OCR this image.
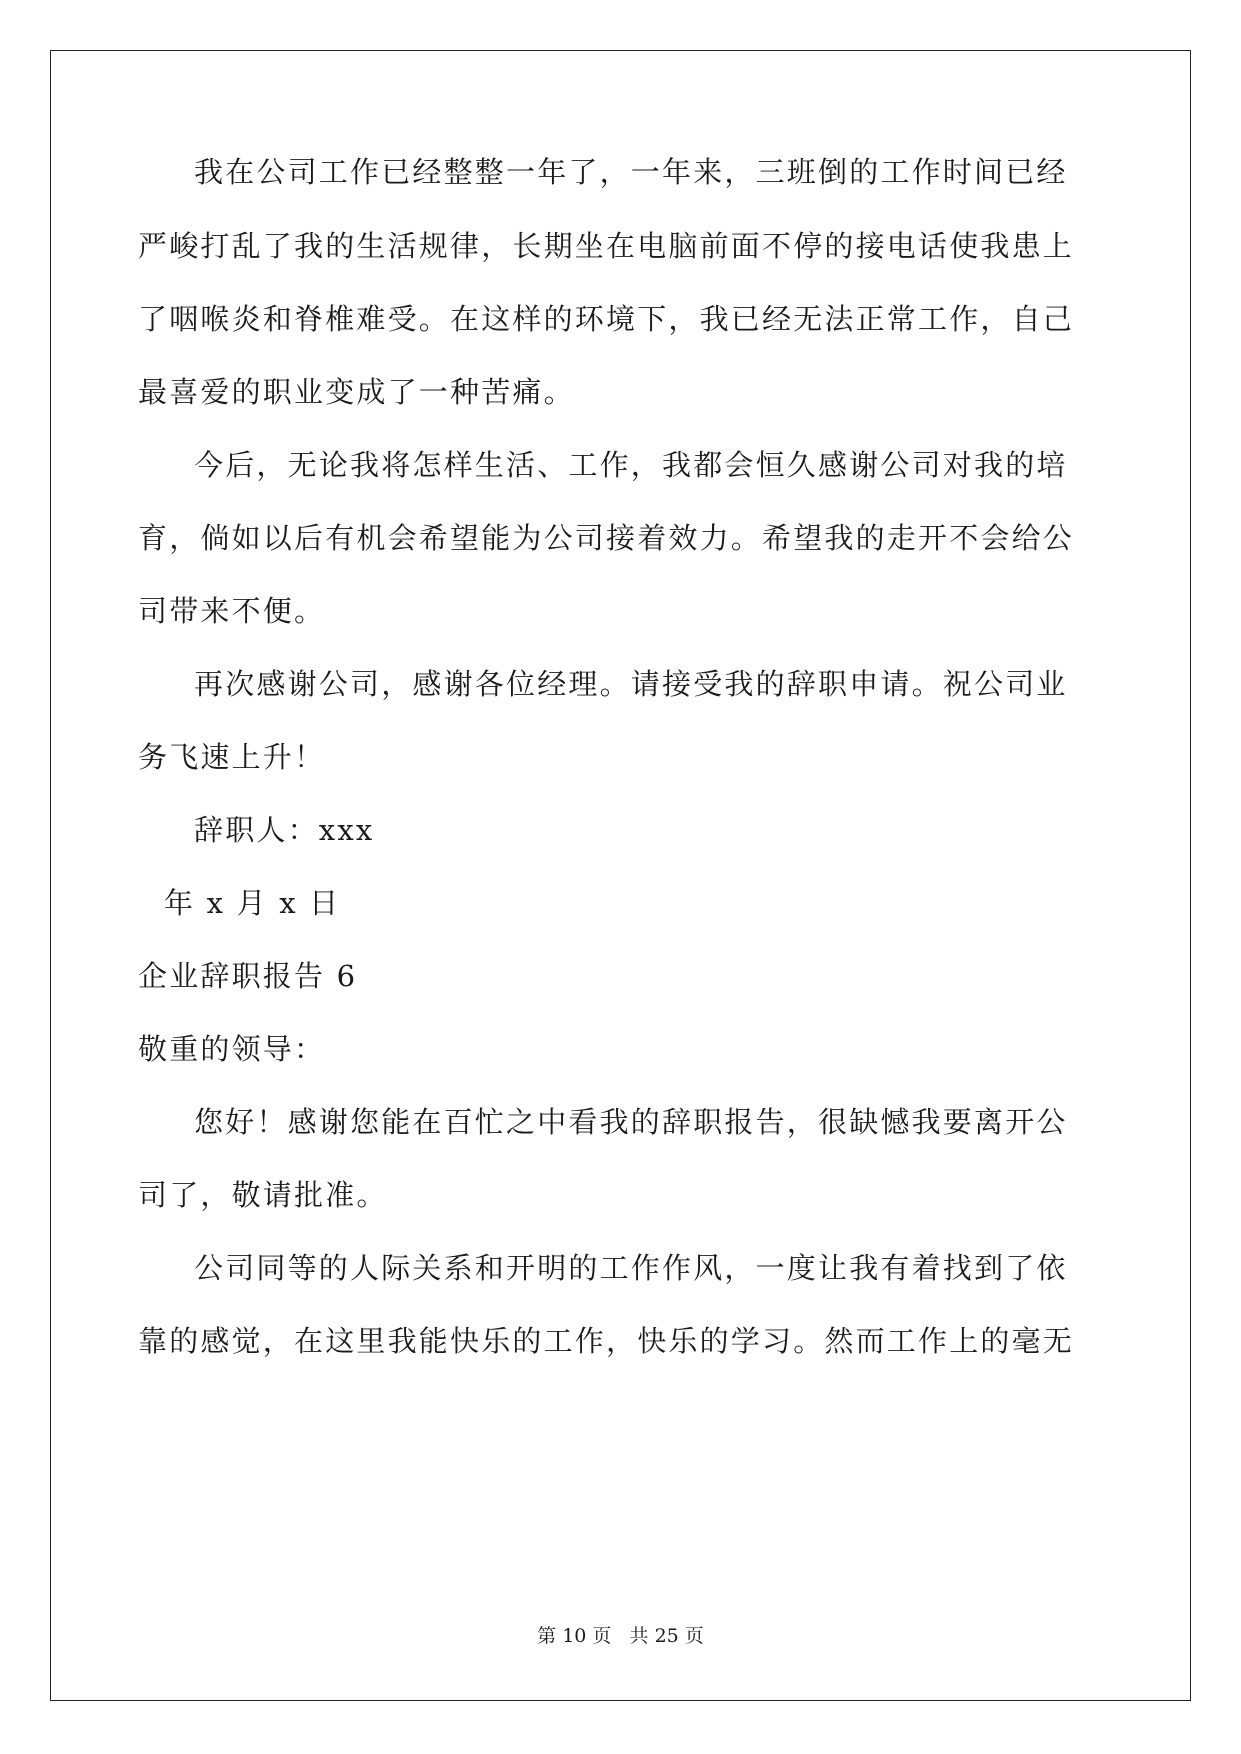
我在公司工作已经整整一年了，一年来，三班倒的工作时间已经
严峻打乱了我的生活规律，长期坐在电脑前面不停的接电话使我患上
了咽喉炎和脊椎难受。在这样的环境下，我已经无法正常工作，自己
最喜爱的职业变成了一种苦痛。
今后，无论我将怎样生活、工作，我都会恒久感谢公司对我的培
育，倘如以后有机会希望能为公司接着效力。希望我的走开不会给公
司带来不便。
再次感谢公司，感谢各位经理。请接受我的辞职申请。祝公司业
务飞速上升！
辞职人：xxx
年 x 月 x 日
企业辞职报告 6
敬重的领导：
您好！感谢您能在百忙之中看我的辞职报告，很缺憾我要离开公
司了，敬请批准。
公司同等的人际关系和开明的工作作风，一度让我有着找到了依
靠的感觉，在这里我能快乐的工作，快乐的学习。然而工作上的毫无
第 10 页   共 25 页
